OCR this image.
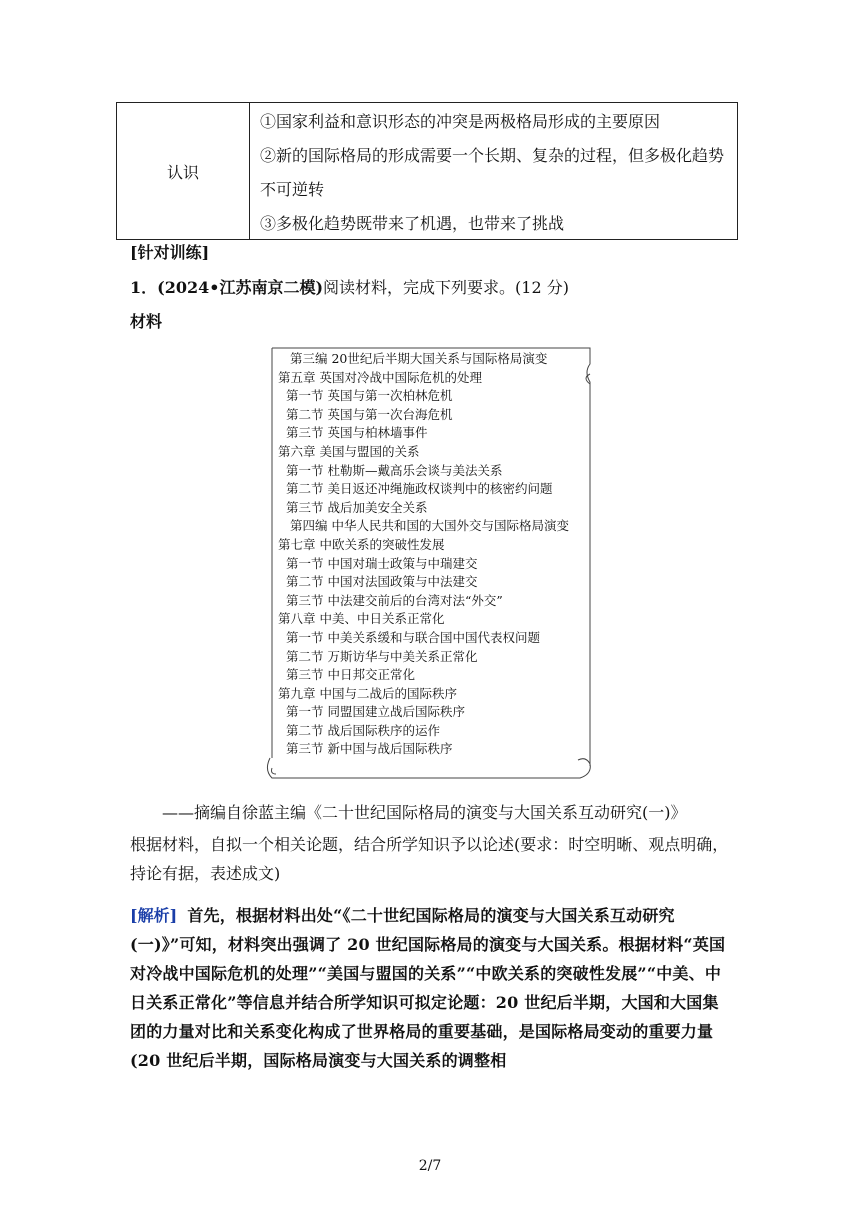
认识
①国家利益和意识形态的冲突是两极格局形成的主要原因
②新的国际格局的形成需要一个长期、复杂的过程，但多极化趋势不可逆转
③多极化趋势既带来了机遇，也带来了挑战
[针对训练]
1．(2024•江苏南京二模)阅读材料，完成下列要求。(12 分)
材料
第三编 20世纪后半期大国关系与国际格局演变
第五章 英国对冷战中国际危机的处理
第一节 英国与第一次柏林危机
第二节 英国与第一次台海危机
第三节 英国与柏林墙事件
第六章 美国与盟国的关系
第一节 杜勒斯—戴高乐会谈与美法关系
第二节 美日返还冲绳施政权谈判中的核密约问题
第三节 战后加美安全关系
第四编 中华人民共和国的大国外交与国际格局演变
第七章 中欧关系的突破性发展
第一节 中国对瑞士政策与中瑞建交
第二节 中国对法国政策与中法建交
第三节 中法建交前后的台湾对法“外交”
第八章 中美、中日关系正常化
第一节 中美关系缓和与联合国中国代表权问题
第二节 万斯访华与中美关系正常化
第三节 中日邦交正常化
第九章 中国与二战后的国际秩序
第一节 同盟国建立战后国际秩序
第二节 战后国际秩序的运作
第三节 新中国与战后国际秩序
——摘编自徐蓝主编《二十世纪国际格局的演变与大国关系互动研究(一)》
根据材料，自拟一个相关论题，结合所学知识予以论述(要求：时空明晰、观点明确，持论有据，表述成文)
[解析] 首先，根据材料出处“《二十世纪国际格局的演变与大国关系互动研究(一)》”可知，材料突出强调了 20 世纪国际格局的演变与大国关系。根据材料“英国对冷战中国际危机的处理”“美国与盟国的关系”“中欧关系的突破性发展”“中美、中日关系正常化”等信息并结合所学知识可拟定论题：20 世纪后半期，大国和大国集团的力量对比和关系变化构成了世界格局的重要基础，是国际格局变动的重要力量(20 世纪后半期，国际格局演变与大国关系的调整相
2/7
